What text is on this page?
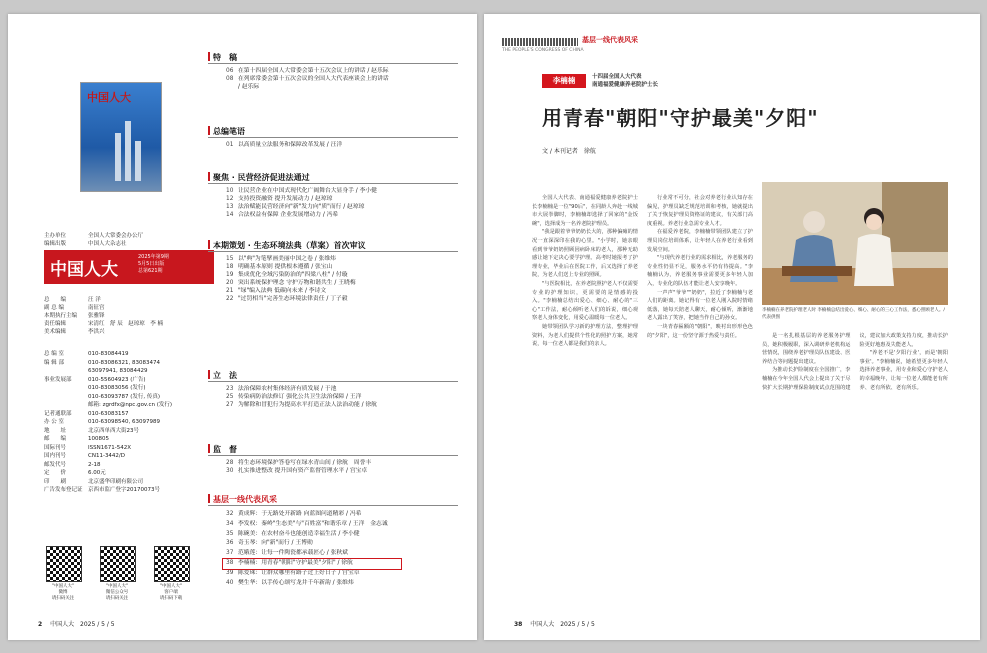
中国人大
主办单位	全国人大常委会办公厅
编辑出版	中国人大杂志社
中国人大
2025年第9期
5月5日出版
总第621期
总　　编	汪 洋
副 总 编	南征宫
本期执行主编 张雅锋
责任编辑	宋清红　舒 辰　赵琼琼　李 楠
美术编辑	李洪兴
总 编 室	010-83084419
编 辑 部	010-83086321, 83083474
63097941, 83084429
事业发展部	010-55604923 (广告)
010-83083056 (发行)
010-63093787 (发行, 传真)
邮箱: zgrdfx@npc.gov.cn (发行)
记者通联部	010-63083157
办 公 室	010-63098540, 63097989
地　　址	北京西单西大街23号
邮　　编	100805
国际刊号	ISSN1671-542X
国内刊号	CN11-3442/D
邮发代号	2-18
定　　价	6.00元
印　　刷	北京盛华印刷有限公司
广告发布登记证 京西市监广登字20170073号
"中国人大"
微博
请扫码关注
"中国人大"
微信公众号
请扫码关注
"中国人大"
客户端
请扫码下载
特　稿
06 在第十四届全国人大常委会第十五次会议上的讲话 / 赵乐际
08 在列席常委会第十五次会议的全国人大代表座谈会上的讲话
/ 赵乐际
总编笔语
01 以高质量立法服务和保障改革发展 / 汪洋
聚焦 · 民营经济促进法通过
10 让民营企业在中国式现代化广阔舞台大显身手 / 李小健
12 支持投资融资 提升发展动力 / 赵琼琼
13 法治赋能民营经济向"新"发力向"质"而行 / 赵琼琼
14 合法权益有保障 企业发展增动力 / 冯希
本期策划 · 生态环境法典（草案）首次审议
15 以"典"为笔擘画美丽中国之卷 / 张维炜
18 明确基本原则 提供根本遵循 / 张宝山
19 集成优化全域污染防治的"四梁八柱" / 付璇
20 突出系统保护理念 守护万物和谐共生 / 王晓梅
21 "绿"编入法典 低碳向未来 / 李诗文
22 "过罚相当"完善生态环境法律责任 / 丁子毅
立　法
23 法治保障农村集体经济有质发展 / 于池
25 传染病防治法修订 强化公共卫生法治保障 / 王洋
27 为解除和冒犯行为提高水平打造正法人法治动能 / 徐航
监　督
28 将生态环境保护答卷写在绿水青山间 / 徐航　周誉丰
30 扎实推进整改 提升国有资产监督管理水平 / 宫宝卓
基层一线代表风采
32 黄成辉：于无路处开新路 向蓝图问道精彩 / 冯希
34 李发权：秦岭"生态美"与"百姓富"和谐乐章 / 王洋　金志诚
35 陈碗美：在农村奋斗也能创造幸福生活 / 李小健
36 奇玉琴：向"新"而行 / 王博勋
37 范娥莲：让每一件陶瓷都承载匠心 / 张秋斌
38 李楠楠：用青春"朝阳"守护最美"夕阳" / 徐航
39 陈爱珠：让群众哪里有路子过上好日子 / 宫宝卓
40 樊生华：以手传心颂写龙井千年新韵 / 张维炜
2 中国人大 2025 / 5 / 5
基层一线代表风采
THE PEOPLE'S CONGRESS OF CHINA
李楠楠	十四届全国人大代表
南通福爱健康养老院护士长
用青春"朝阳"守护最美"夕阳"
文 / 本刊记者　徐航

全国人大代表、南通福爱健康养老院护士长李楠楠是一位"90后"，在同龄人奔赴一线城市大展拳脚时，李楠楠却选择了回家的"金饭碗"，选择成为一名养老院护理员。

"我是跟着爷爷奶奶长大的，那种偏瘫的情况一直深深印在我的心里。"小学时，她亲眼看到爷爷奶奶照顾因病卧床的老人，那种无助感让她下定决心要学护理。高考时她报考了护理专业，毕业后在医院工作，后又选择了养老院，为老人们送上专业的照顾。

"与医院相比，在养老院照护老人不仅需要专业的护理知识，更需要的是情感的投入。"李楠楠总结出爱心、细心、耐心的"三心"工作法，耐心倾听老人们的诉说，细心观察老人身体变化，用爱心温暖每一位老人。

她带领团队学习新的护理方法，整理护理资料，为老人们提供个性化的照护方案，她常说，每一位老人都是我们的亲人。

行业常不可分，社会对养老行业认知存在偏见，护理员缺乏规范培训和考核，她就提出了关于恢复护理员资格证的建议，有关部门高度重视。养老行业急需专业人才。

在福爱养老院，李楠楠带领团队建立了护理员岗位培训体系，让年轻人在养老行业看到发展空间。

"与现代养老行业的需求相比，养老服务的专业性仍显不足，服务水平仍有待提高。"李楠楠认为，养老服务事业需要更多年轻人加入，专业化的队伍才能让老人安享晚年。

一声声"爷爷""奶奶"，拉近了李楠楠与老人们的距离。她记得有一位老人刚入院时情绪低落，她每天陪老人聊天，耐心倾听，渐渐地老人露出了笑容，把她当作自己的孙女。

一块青春匾额的"朝阳"，映衬出形形色色的"夕阳"，这一份坚守源于热爱与责任。

李楠楠在养老院护理老人时 李楠楠总结出爱心、细心、耐心的三心工作法，悉心照顾老人。/ 代表供图

是一名扎根基层的养老服务护理员，她积极履职，深入调研养老机构运营情况，围绕养老护理员队伍建设、医养结合等问题提出建议。

为推动长护险制度在全国推广，李楠楠在今年全国人代会上提出了关于尽快扩大长期护理保险制度试点范围的建议，建议加大政策支持力度，推动长护险更好地惠及失能老人。

"养老不是'夕阳行业'，而是'朝阳事业'。"李楠楠说，她希望更多年轻人选择养老事业，用专业和爱心守护老人的幸福晚年，让每一位老人都能老有所养、老有所依、老有所乐。

38 中国人大 2025 / 5 / 5
